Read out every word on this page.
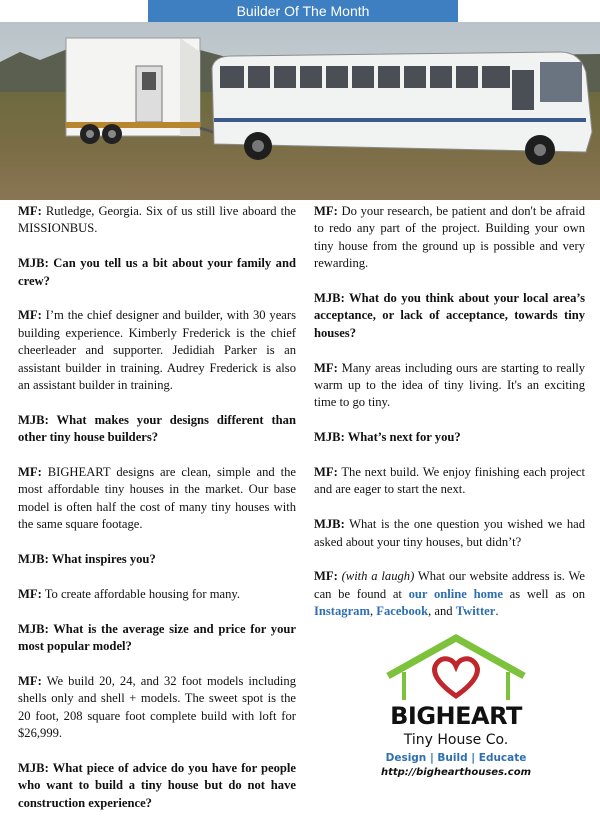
Builder Of The Month

MF: Rutledge, Georgia. Six of us still live aboard the MISSIONBUS.

MJB: Can you tell us a bit about your family and crew?

MF: I’m the chief designer and builder, with 30 years building experience. Kimberly Frederick is the chief cheerleader and supporter. Jedidiah Parker is an assistant builder in training. Audrey Frederick is also an assistant builder in training.

MJB: What makes your designs different than other tiny house builders?

MF: BIGHEART designs are clean, simple and the most affordable tiny houses in the market. Our base model is often half the cost of many tiny houses with the same square footage.

MJB: What inspires you?

MF: To create affordable housing for many.

MJB: What is the average size and price for your most popular model?

MF: We build 20, 24, and 32 foot models including shells only and shell + models. The sweet spot is the 20 foot, 208 square foot complete build with loft for $26,999.

MJB: What piece of advice do you have for people who want to build a tiny house but do not have construction experience?

MF: Do your research, be patient and don't be afraid to redo any part of the project. Building your own tiny house from the ground up is possible and very rewarding.

MJB: What do you think about your local area’s acceptance, or lack of acceptance, towards tiny houses?

MF: Many areas including ours are starting to really warm up to the idea of tiny living. It's an exciting time to go tiny.

MJB: What’s next for you?

MF: The next build. We enjoy finishing each project and are eager to start the next.

MJB: What is the one question you wished we had asked about your tiny houses, but didn’t?

MF: (with a laugh) What our website address is. We can be found at our online home as well as on Instagram, Facebook, and Twitter.

BIGHEART
Tiny House Co.
Design | Build | Educate
http://bighearthouses.com
